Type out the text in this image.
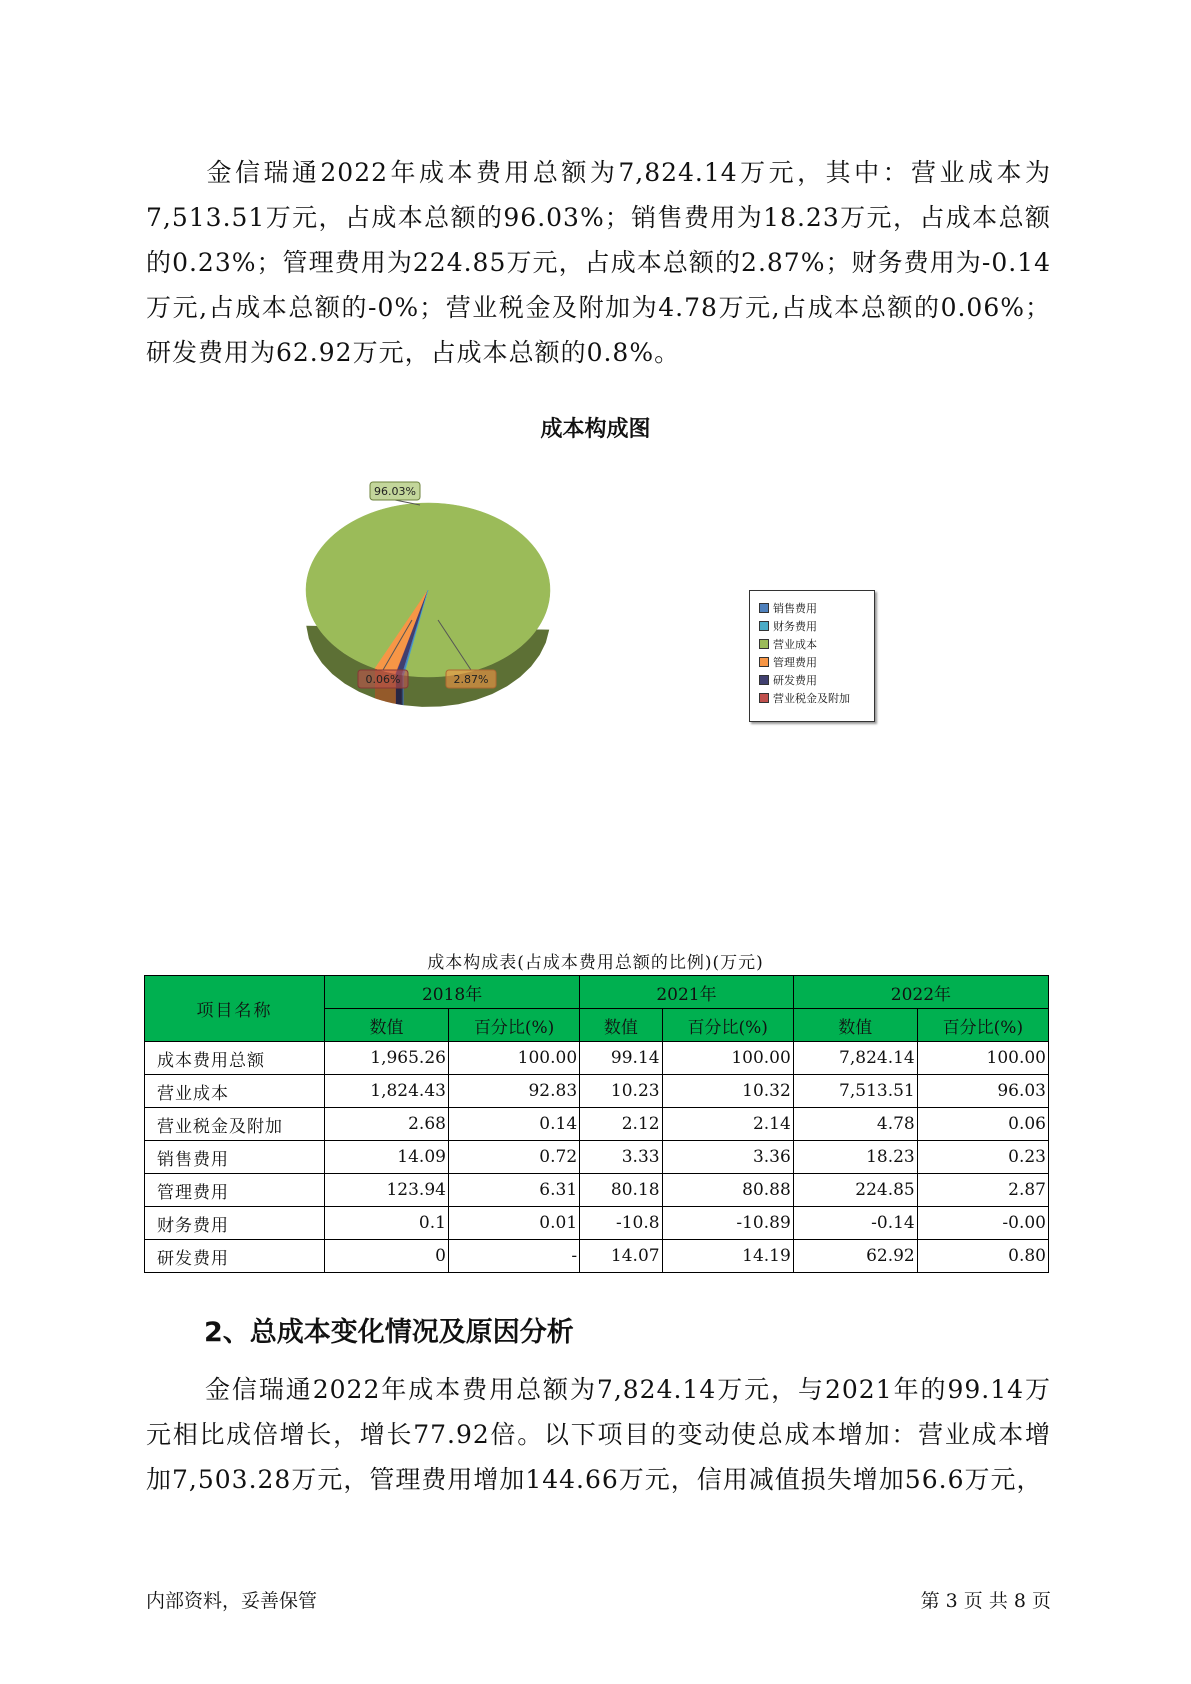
金信瑞通2022年成本费用总额为7,824.14万元，其中：营业成本为7,513.51万元，占成本总额的96.03%；销售费用为18.23万元，占成本总额的0.23%；管理费用为224.85万元，占成本总额的2.87%；财务费用为-0.14万元,占成本总额的-0%；营业税金及附加为4.78万元,占成本总额的0.06%；研发费用为62.92万元，占成本总额的0.8%。

成本构成图
96.03%
2.87%
0.06%
销售费用
财务费用
营业成本
管理费用
研发费用
营业税金及附加
成本构成表(占成本费用总额的比例)(万元)
项目名称	2018年		2021年		2022年	
	数值	百分比(%)	数值	百分比(%)	数值	百分比(%)
成本费用总额	1,965.26	100.00	99.14	100.00	7,824.14	100.00
营业成本	1,824.43	92.83	10.23	10.32	7,513.51	96.03
营业税金及附加	2.68	0.14	2.12	2.14	4.78	0.06
销售费用	14.09	0.72	3.33	3.36	18.23	0.23
管理费用	123.94	6.31	80.18	80.88	224.85	2.87
财务费用	0.1	0.01	-10.8	-10.89	-0.14	-0.00
研发费用	0	-	14.07	14.19	62.92	0.80
2、总成本变化情况及原因分析

金信瑞通2022年成本费用总额为7,824.14万元，与2021年的99.14万元相比成倍增长，增长77.92倍。以下项目的变动使总成本增加：营业成本增加7,503.28万元，管理费用增加144.66万元，信用减值损失增加56.6万元，

内部资料，妥善保管	第 3 页 共 8 页
